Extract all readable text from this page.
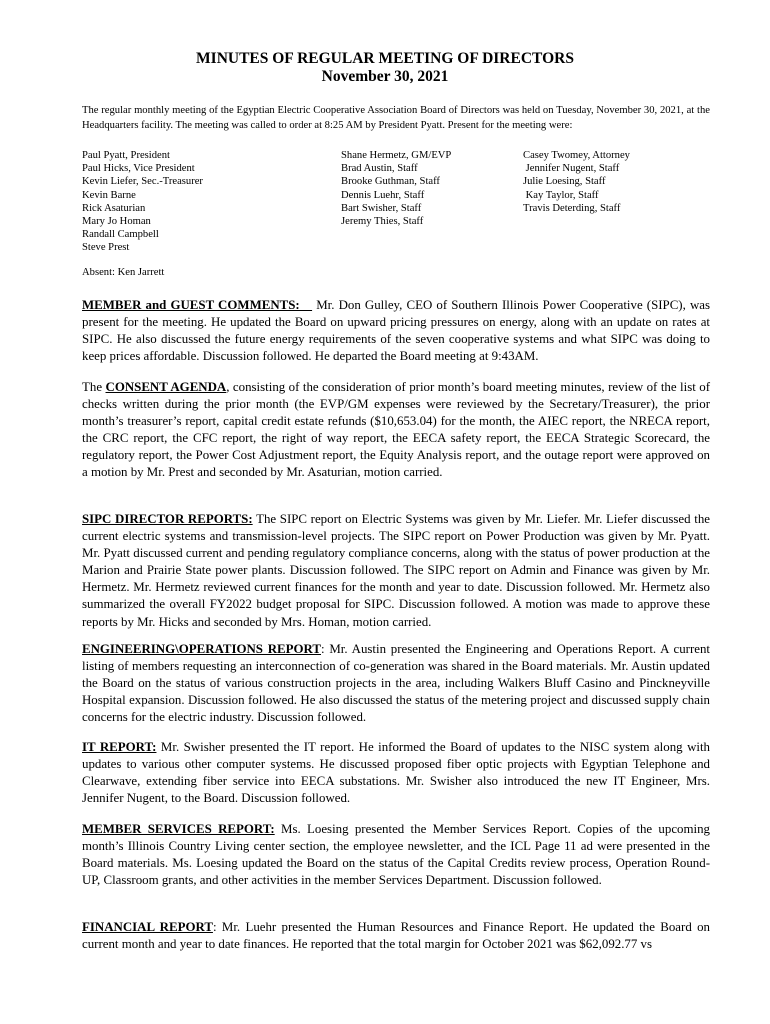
MINUTES OF REGULAR MEETING OF DIRECTORS
November 30, 2021
The regular monthly meeting of the Egyptian Electric Cooperative Association Board of Directors was held on Tuesday, November 30, 2021, at the Headquarters facility. The meeting was called to order at 8:25 AM by President Pyatt. Present for the meeting were:
Paul Pyatt, President
Paul Hicks, Vice President
Kevin Liefer, Sec.-Treasurer
Kevin Barne
Rick Asaturian
Mary Jo Homan
Randall Campbell
Steve Prest
Shane Hermetz, GM/EVP
Brad Austin, Staff
Brooke Guthman, Staff
Dennis Luehr, Staff
Bart Swisher, Staff
Jeremy Thies, Staff
Casey Twomey, Attorney
Jennifer Nugent, Staff
Julie Loesing, Staff
Kay Taylor, Staff
Travis Deterding, Staff
Absent: Ken Jarrett
MEMBER and GUEST COMMENTS:    Mr. Don Gulley, CEO of Southern Illinois Power Cooperative (SIPC), was present for the meeting. He updated the Board on upward pricing pressures on energy, along with an update on rates at SIPC. He also discussed the future energy requirements of the seven cooperative systems and what SIPC was doing to keep prices affordable. Discussion followed. He departed the Board meeting at 9:43AM.
The CONSENT AGENDA, consisting of the consideration of prior month’s board meeting minutes, review of the list of checks written during the prior month (the EVP/GM expenses were reviewed by the Secretary/Treasurer), the prior month’s treasurer’s report, capital credit estate refunds ($10,653.04) for the month, the AIEC report, the NRECA report, the CRC report, the CFC report, the right of way report, the EECA safety report, the EECA Strategic Scorecard, the regulatory report, the Power Cost Adjustment report, the Equity Analysis report, and the outage report were approved on a motion by Mr. Prest and seconded by Mr. Asaturian, motion carried.
SIPC DIRECTOR REPORTS: The SIPC report on Electric Systems was given by Mr. Liefer. Mr. Liefer discussed the current electric systems and transmission-level projects. The SIPC report on Power Production was given by Mr. Pyatt. Mr. Pyatt discussed current and pending regulatory compliance concerns, along with the status of power production at the Marion and Prairie State power plants. Discussion followed. The SIPC report on Admin and Finance was given by Mr. Hermetz. Mr. Hermetz reviewed current finances for the month and year to date. Discussion followed. Mr. Hermetz also summarized the overall FY2022 budget proposal for SIPC. Discussion followed. A motion was made to approve these reports by Mr. Hicks and seconded by Mrs. Homan, motion carried.
ENGINEERING\OPERATIONS REPORT: Mr. Austin presented the Engineering and Operations Report. A current listing of members requesting an interconnection of co-generation was shared in the Board materials. Mr. Austin updated the Board on the status of various construction projects in the area, including Walkers Bluff Casino and Pinckneyville Hospital expansion. Discussion followed. He also discussed the status of the metering project and discussed supply chain concerns for the electric industry. Discussion followed.
IT REPORT: Mr. Swisher presented the IT report. He informed the Board of updates to the NISC system along with updates to various other computer systems. He discussed proposed fiber optic projects with Egyptian Telephone and Clearwave, extending fiber service into EECA substations. Mr. Swisher also introduced the new IT Engineer, Mrs. Jennifer Nugent, to the Board. Discussion followed.
MEMBER SERVICES REPORT: Ms. Loesing presented the Member Services Report. Copies of the upcoming month’s Illinois Country Living center section, the employee newsletter, and the ICL Page 11 ad were presented in the Board materials. Ms. Loesing updated the Board on the status of the Capital Credits review process, Operation Round-UP, Classroom grants, and other activities in the member Services Department. Discussion followed.
FINANCIAL REPORT: Mr. Luehr presented the Human Resources and Finance Report. He updated the Board on current month and year to date finances. He reported that the total margin for October 2021 was $62,092.77 vs
